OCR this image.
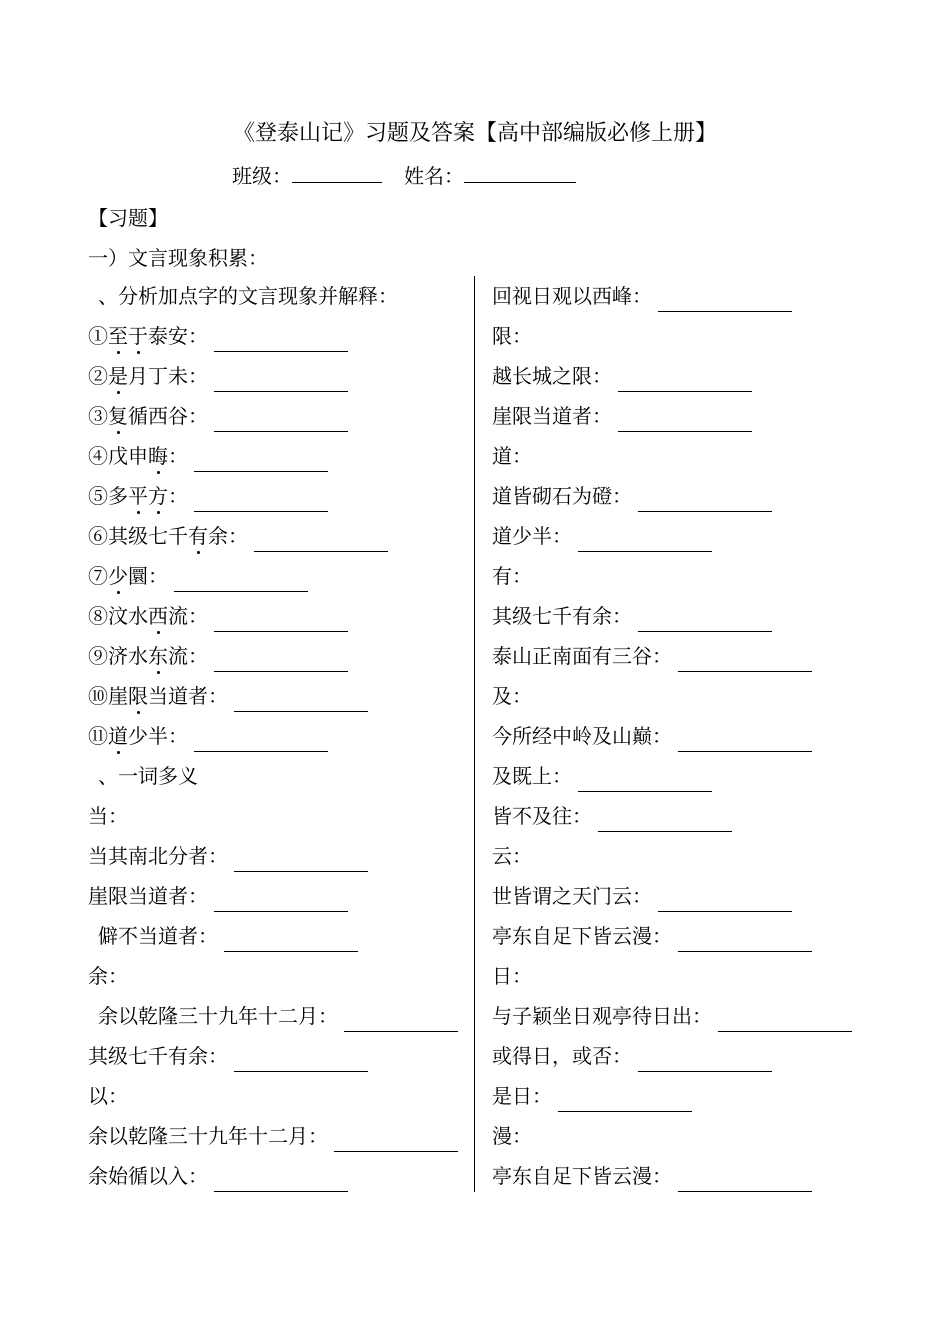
《登泰山记》习题及答案【高中部编版必修上册】
班级：	姓名：
【习题】
一）文言现象积累：
、分析加点字的文言现象并解释：
①至于泰安：
②是月丁未：
③复循西谷：
④戊申晦：
⑤多平方：
⑥其级七千有余：
⑦少圜：
⑧汶水西流：
⑨济水东流：
⑩崖限当道者：
⑪道少半：
、一词多义
当：
当其南北分者：
崖限当道者：
僻不当道者：
余：
余以乾隆三十九年十二月：
其级七千有余：
以：
余以乾隆三十九年十二月：
余始循以入：
回视日观以西峰：
限：
越长城之限：
崖限当道者：
道：
道皆砌石为磴：
道少半：
有：
其级七千有余：
泰山正南面有三谷：
及：
今所经中岭及山巅：
及既上：
皆不及往：
云：
世皆谓之天门云：
亭东自足下皆云漫：
日：
与子颖坐日观亭待日出：
或得日，或否：
是日：
漫：
亭东自足下皆云漫：
